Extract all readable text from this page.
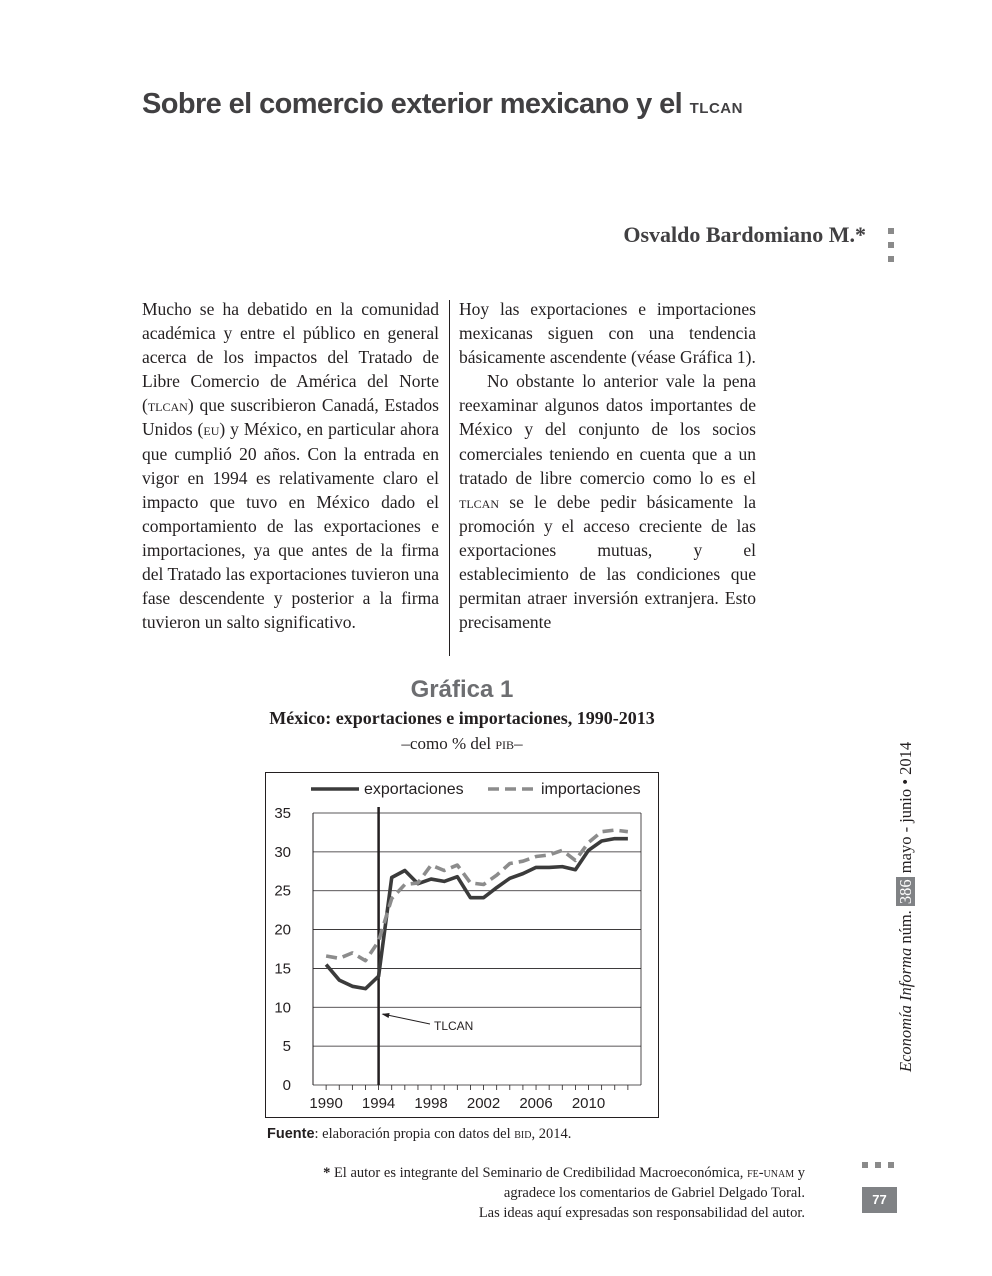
Sobre el comercio exterior mexicano y el tlcan
Osvaldo Bardomiano M.*

Mucho se ha debatido en la comunidad académica y entre el público en general acerca de los impactos del Tratado de Libre Comercio de América del Norte (tlcan) que suscribieron Canadá, Estados Unidos (eu) y México, en particular ahora que cumplió 20 años. Con la entrada en vigor en 1994 es relativamente claro el impacto que tuvo en México dado el comportamiento de las exportaciones e importaciones, ya que antes de la firma del Tratado las exportaciones tuvieron una fase descendente y posterior a la firma tuvieron un salto significativo.

Hoy las exportaciones e importaciones mexicanas siguen con una tendencia básicamente ascendente (véase Gráfica 1).

No obstante lo anterior vale la pena reexaminar algunos datos importantes de México y del conjunto de los socios comerciales teniendo en cuenta que a un tratado de libre comercio como lo es el tlcan se le debe pedir básicamente la promoción y el acceso creciente de las exportaciones mutuas, y el establecimiento de las condiciones que permitan atraer inversión extranjera. Esto precisamente

Gráfica 1
México: exportaciones e importaciones, 1990-2013
–como % del pib–
0
5
10
15
20
25
30
35
1990 1994 1998 2002 2006 2010
TLCAN
exportaciones	importaciones
Fuente: elaboración propia con datos del bid, 2014.
* El autor es integrante del Seminario de Credibilidad Macroeconómica, fe-unam y
agradece los comentarios de Gabriel Delgado Toral.
Las ideas aquí expresadas son responsabilidad del autor.
77
Economía Informa núm. 386 mayo - junio • 2014
